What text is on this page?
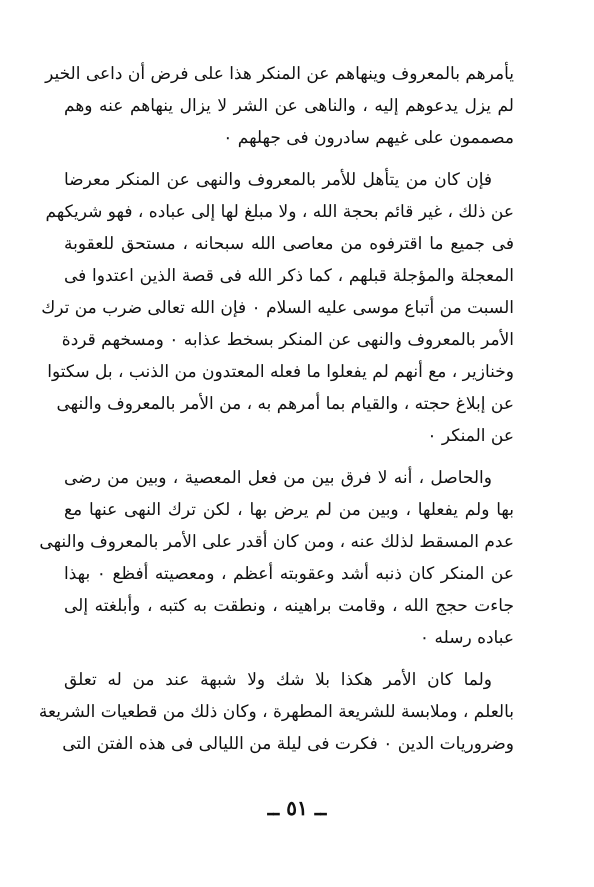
يأمرهم بالمعروف وينهاهم عن المنكر هذا على فرض أن داعى الخير
لم يزل يدعوهم إليه ، والناهى عن الشر لا يزال ينهاهم عنه وهم
مصممون على غيهم سادرون فى جهلهم ٠
فإن كان من يتأهل للأمر بالمعروف والنهى عن المنكر معرضا
عن ذلك ، غير قائم بحجة الله ، ولا مبلغ لها إلى عباده ، فهو شريكهم
فى جميع ما اقترفوه من معاصى الله سبحانه ، مستحق للعقوبة
المعجلة والمؤجلة قبلهم ، كما ذكر الله فى قصة الذين اعتدوا فى
السبت من أتباع موسى عليه السلام ٠ فإن الله تعالى ضرب من ترك
الأمر بالمعروف والنهى عن المنكر بسخط عذابه ٠ ومسخهم قردة
وخنازير ، مع أنهم لم يفعلوا ما فعله المعتدون من الذنب ، بل سكتوا
عن إبلاغ حجته ، والقيام بما أمرهم به ، من الأمر بالمعروف والنهى
عن المنكر ٠
والحاصل ، أنه لا فرق بين من فعل المعصية ، وبين من رضى
بها ولم يفعلها ، وبين من لم يرض بها ، لكن ترك النهى عنها مع
عدم المسقط لذلك عنه ، ومن كان أقدر على الأمر بالمعروف والنهى
عن المنكر كان ذنبه أشد وعقوبته أعظم ، ومعصيته أفظع ٠ بهذا
جاءت حجج الله ، وقامت براهينه ، ونطقت به كتبه ، وأبلغته إلى
عباده رسله ٠
ولما كان الأمر هكذا بلا شك ولا شبهة عند من له تعلق
بالعلم ، وملابسة للشريعة المطهرة ، وكان ذلك من قطعيات الشريعة
وضروريات الدين ٠ فكرت فى ليلة من الليالى فى هذه الفتن التى
ــ ٥١ ــ
